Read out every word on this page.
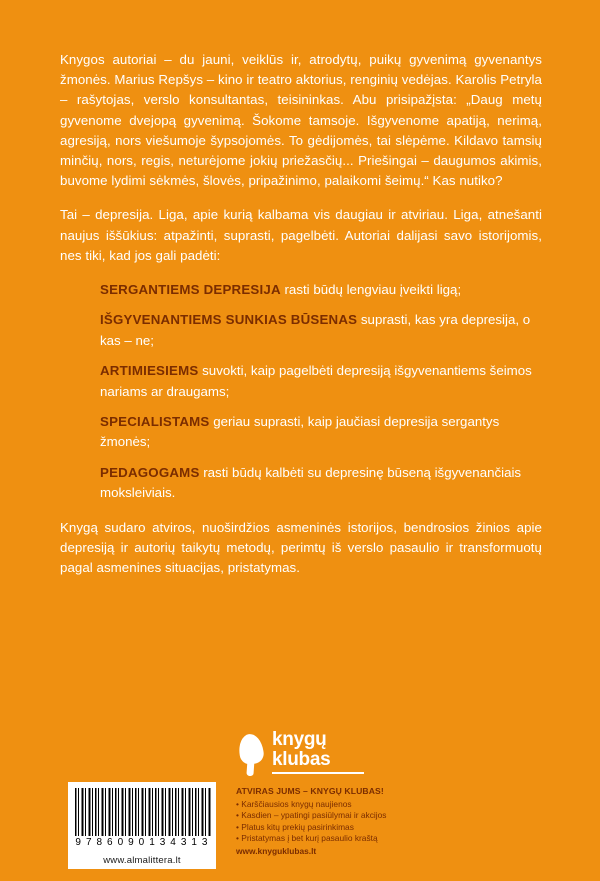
Knygos autoriai – du jauni, veiklūs ir, atrodytų, puikų gyvenimą gyvenantys žmonės. Marius Repšys – kino ir teatro aktorius, renginių vedėjas. Karolis Petryla – rašytojas, verslo konsultantas, teisininkas. Abu prisipažįsta: „Daug metų gyvenome dvejopą gyvenimą. Šokome tamsoje. Išgyvenome apatiją, nerimą, agresiją, nors viešumoje šypsojomės. To gėdijomės, tai slėpėme. Kildavo tamsių minčių, nors, regis, neturėjome jokių priežasčių... Priešingai – daugumos akimis, buvome lydimi sėkmės, šlovės, pripažinimo, palaikomi šeimų.“ Kas nutiko?

Tai – depresija. Liga, apie kurią kalbama vis daugiau ir atviriau. Liga, atnešanti naujus iššūkius: atpažinti, suprasti, pagelbėti. Autoriai dalijasi savo istorijomis, nes tiki, kad jos gali padėti:

SERGANTIEMS DEPRESIJA rasti būdų lengviau įveikti ligą;
IŠGYVENANTIEMS SUNKIAS BŪSENAS suprasti, kas yra depresija, o kas – ne;
ARTIMIESIEMS suvokti, kaip pagelbėti depresiją išgyvenantiems šeimos nariams ar draugams;
SPECIALISTAMS geriau suprasti, kaip jaučiasi depresija sergantys žmonės;
PEDAGOGAMS rasti būdų kalbėti su depresinę būseną išgyvenančiais moksleiviais.

Knygą sudaro atviros, nuoširdžios asmeninės istorijos, bendrosios žinios apie depresiją ir autorių taikytų metodų, perimtų iš verslo pasaulio ir transformuotų pagal asmenines situacijas, pristatymas.

9 7 8 6 0 9 0 1 3 4 3 1 3
www.almalittera.lt
knygų
klubas
ATVIRAS JUMS – KNYGŲ KLUBAS!
• Karščiausios knygų naujienos
• Kasdien – ypatingi pasiūlymai ir akcijos
• Platus kitų prekių pasirinkimas
• Pristatymas į bet kurį pasaulio kraštą
www.knyguklubas.lt
